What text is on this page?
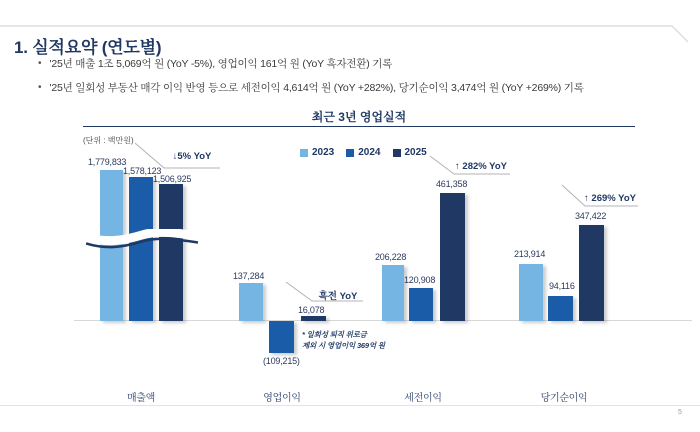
1. 실적요약 (연도별)
• '25년 매출 1조 5,069억 원 (YoY -5%), 영업이익 161억 원 (YoY 흑자전환) 기록
• '25년 일회성 부동산 매각 이익 반영 등으로 세전이익 4,614억 원 (YoY +282%), 당기순이익 3,474억 원 (YoY +269%) 기록
최근 3년 영업실적
(단위 : 백만원)
2023 2024 2025
1,779,833
1,578,123
1,506,925
137,284
(109,215)
16,078
* 일회성 퇴직 위로금
제외 시 영업이익 369억 원
206,228
120,908
461,358
213,914
94,116
347,422
↓5% YoY
흑전 YoY
↑ 282% YoY
↑ 269% YoY
매출액	영업이익	세전이익	당기순이익
5
